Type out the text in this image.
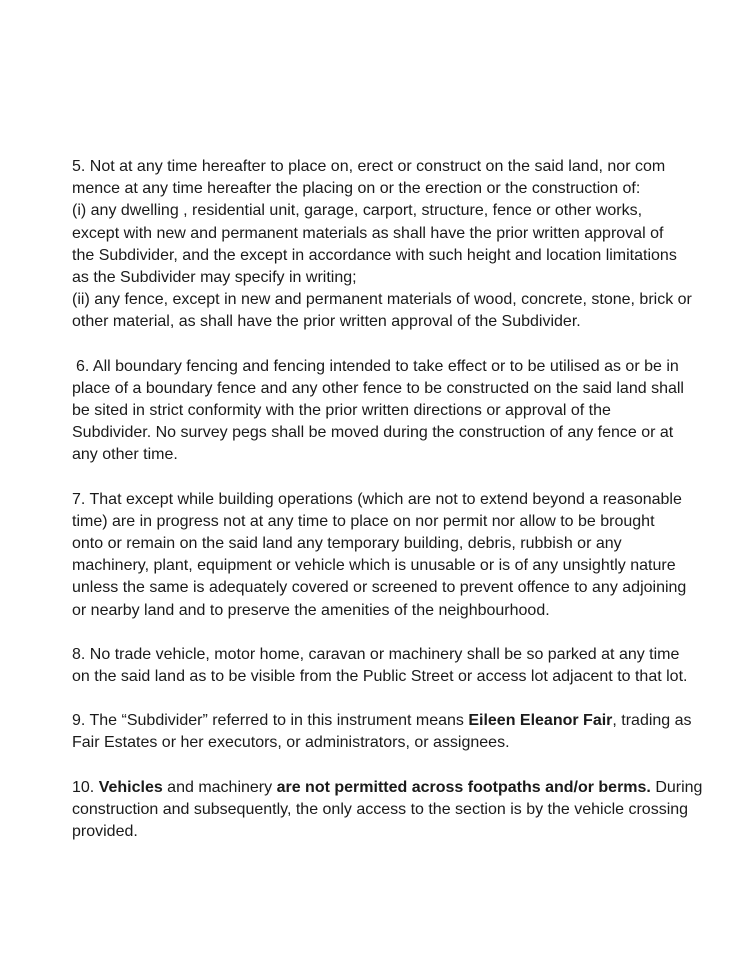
5. Not at any time hereafter to place on, erect or construct on the said land, nor com
mence at any time hereafter the placing on or the erection or the construction of:
(i) any dwelling , residential unit, garage, carport, structure, fence or other works,
except with new and permanent materials as shall have the prior written approval of
the Subdivider, and the except in accordance with such height and location limitations
as the Subdivider may specify in writing;
(ii) any fence, except in new and permanent materials of wood, concrete, stone, brick or
other material, as shall have the prior written approval of the Subdivider.
6. All boundary fencing and fencing intended to take effect or to be utilised as or be in
place of a boundary fence and any other fence to be constructed on the said land shall
be sited in strict conformity with the prior written directions or approval of the
Subdivider. No survey pegs shall be moved during the construction of any fence or at
any other time.
7. That except while building operations (which are not to extend beyond a reasonable
time) are in progress not at any time to place on nor permit nor allow to be brought
onto or remain on the said land any temporary building, debris, rubbish or any
machinery, plant, equipment or vehicle which is unusable or is of any unsightly nature
unless the same is adequately covered or screened to prevent offence to any adjoining
or nearby land and to preserve the amenities of the neighbourhood.
8. No trade vehicle, motor home, caravan or machinery shall be so parked at any time
on the said land as to be visible from the Public Street or access lot adjacent to that lot.
9. The “Subdivider” referred to in this instrument means Eileen Eleanor Fair, trading as
Fair Estates or her executors, or administrators, or assignees.
10. Vehicles and machinery are not permitted across footpaths and/or berms. During
construction and subsequently, the only access to the section is by the vehicle crossing
provided.
